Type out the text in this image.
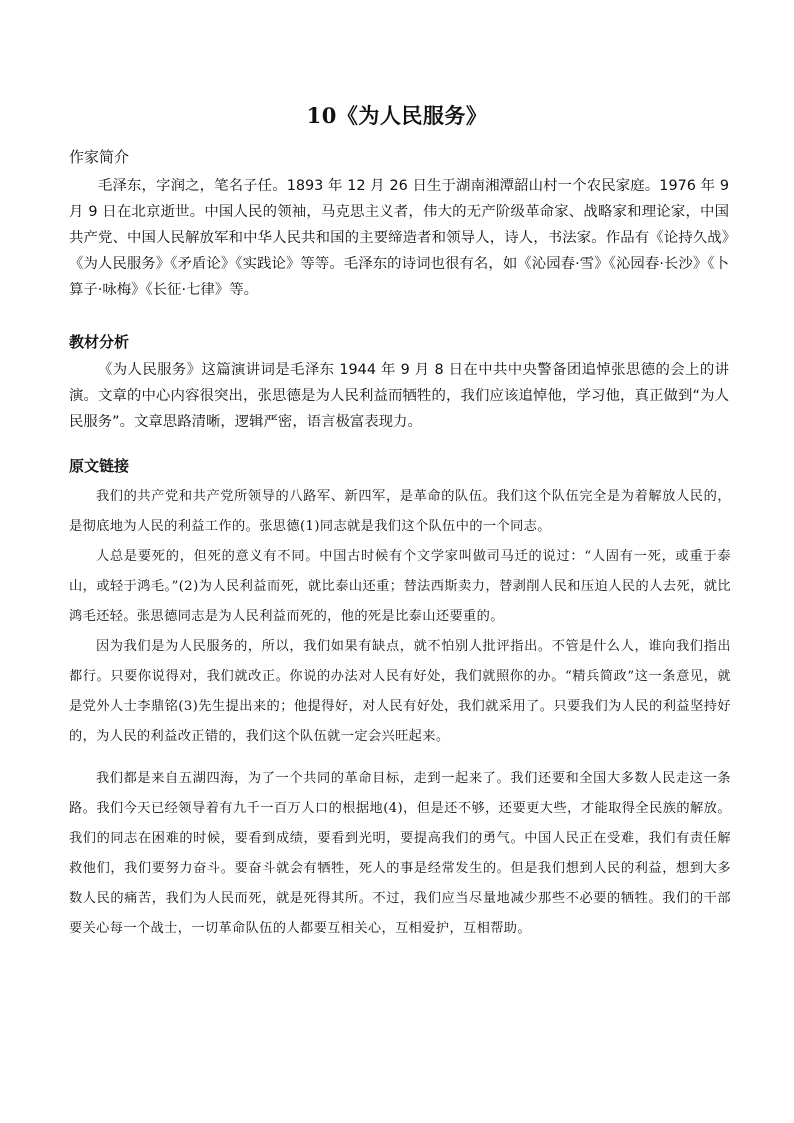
10《为人民服务》
作家简介

毛泽东，字润之，笔名子任。1893 年 12 月 26 日生于湖南湘潭韶山村一个农民家庭。1976 年 9 月 9 日在北京逝世。中国人民的领袖，马克思主义者，伟大的无产阶级革命家、战略家和理论家，中国共产党、中国人民解放军和中华人民共和国的主要缔造者和领导人，诗人，书法家。作品有《论持久战》《为人民服务》《矛盾论》《实践论》等等。毛泽东的诗词也很有名，如《沁园春·雪》《沁园春·长沙》《卜算子·咏梅》《长征·七律》等。

教材分析

《为人民服务》这篇演讲词是毛泽东 1944 年 9 月 8 日在中共中央警备团追悼张思德的会上的讲演。文章的中心内容很突出，张思德是为人民利益而牺牲的，我们应该追悼他，学习他，真正做到“为人民服务”。文章思路清晰，逻辑严密，语言极富表现力。

原文链接

我们的共产党和共产党所领导的八路军、新四军，是革命的队伍。我们这个队伍完全是为着解放人民的，是彻底地为人民的利益工作的。张思德(1)同志就是我们这个队伍中的一个同志。

人总是要死的，但死的意义有不同。中国古时候有个文学家叫做司马迁的说过：“人固有一死，或重于泰山，或轻于鸿毛。”(2)为人民利益而死，就比泰山还重；替法西斯卖力，替剥削人民和压迫人民的人去死，就比鸿毛还轻。张思德同志是为人民利益而死的，他的死是比泰山还要重的。

因为我们是为人民服务的，所以，我们如果有缺点，就不怕别人批评指出。不管是什么人，谁向我们指出都行。只要你说得对，我们就改正。你说的办法对人民有好处，我们就照你的办。“精兵简政”这一条意见，就是党外人士李鼎铭(3)先生提出来的；他提得好，对人民有好处，我们就采用了。只要我们为人民的利益坚持好的，为人民的利益改正错的，我们这个队伍就一定会兴旺起来。

我们都是来自五湖四海，为了一个共同的革命目标，走到一起来了。我们还要和全国大多数人民走这一条路。我们今天已经领导着有九千一百万人口的根据地(4)，但是还不够，还要更大些，才能取得全民族的解放。我们的同志在困难的时候，要看到成绩，要看到光明，要提高我们的勇气。中国人民正在受难，我们有责任解救他们，我们要努力奋斗。要奋斗就会有牺牲，死人的事是经常发生的。但是我们想到人民的利益，想到大多数人民的痛苦，我们为人民而死，就是死得其所。不过，我们应当尽量地减少那些不必要的牺牲。我们的干部要关心每一个战士，一切革命队伍的人都要互相关心，互相爱护，互相帮助。
